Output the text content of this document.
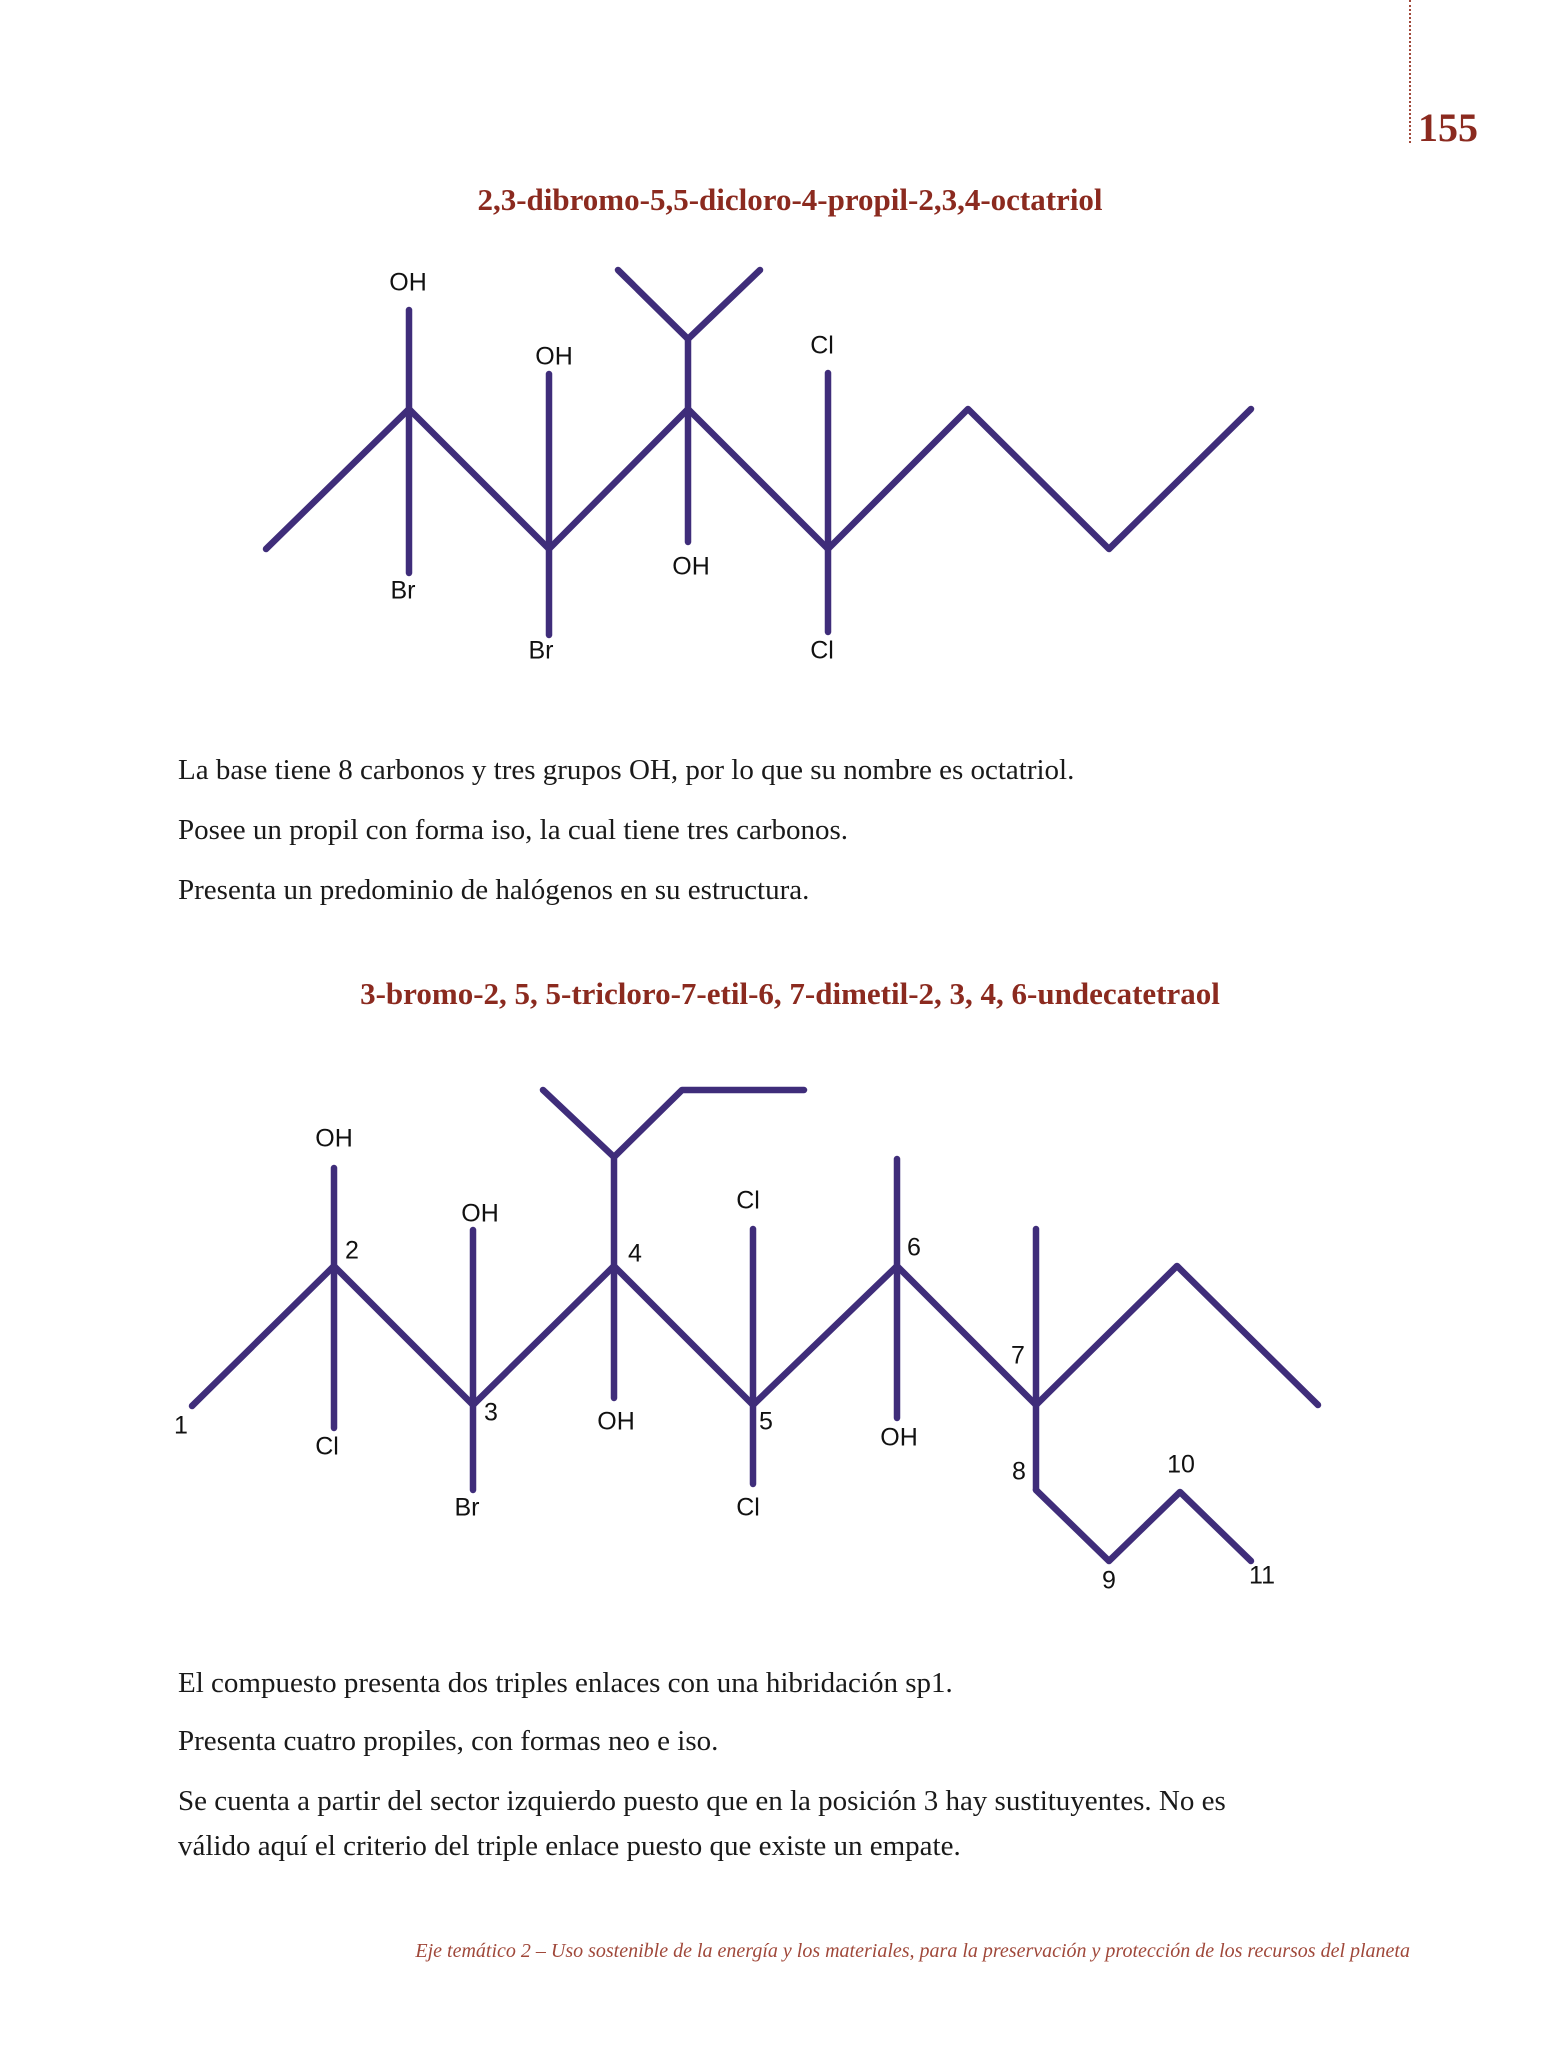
155
2,3-dibromo-5,5-dicloro-4-propil-2,3,4-octatriol
OH
Br
OH
Br
OH
Cl
Cl
OH
Cl
OH
Br
OH
Cl
Cl
OH
1
2
3
4
5
6
7
8
9
10
11
La base tiene 8 carbonos y tres grupos OH, por lo que su nombre es octatriol.
Posee un propil con forma iso, la cual tiene tres carbonos.
Presenta un predominio de halógenos en su estructura.
3-bromo-2, 5, 5-tricloro-7-etil-6, 7-dimetil-2, 3, 4, 6-undecatetraol
El compuesto presenta dos triples enlaces con una hibridación sp1.
Presenta cuatro propiles, con formas neo e iso.
Se cuenta a partir del sector izquierdo puesto que en la posición 3 hay sustituyentes. No es
válido aquí el criterio del triple enlace puesto que existe un empate.
Eje temático 2 – Uso sostenible de la energía y los materiales, para la preservación y protección de los recursos del planeta
